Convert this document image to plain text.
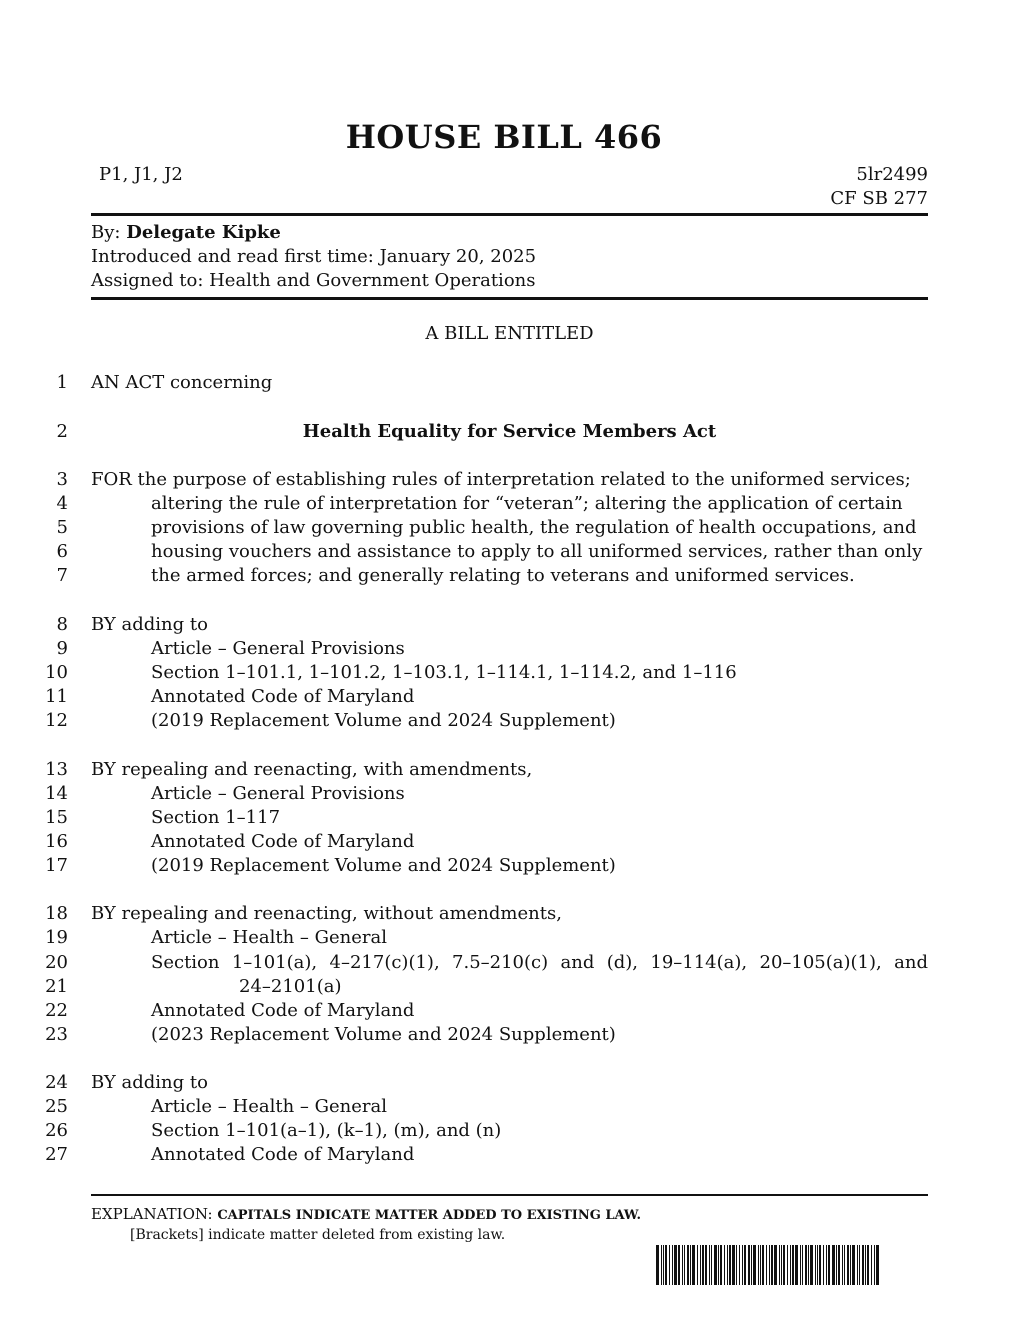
HOUSE BILL 466
P1, J1, J2	5lr2499
CF SB 277
By: Delegate Kipke
Introduced and read first time: January 20, 2025
Assigned to: Health and Government Operations
A BILL ENTITLED
1 AN ACT concerning
2	Health Equality for Service Members Act
3 FOR the purpose of establishing rules of interpretation related to the uniformed services;
4	altering the rule of interpretation for “veteran”; altering the application of certain
5	provisions of law governing public health, the regulation of health occupations, and
6	housing vouchers and assistance to apply to all uniformed services, rather than only
7	the armed forces; and generally relating to veterans and uniformed services.
8 BY adding to
9	Article – General Provisions
10	Section 1–101.1, 1–101.2, 1–103.1, 1–114.1, 1–114.2, and 1–116
11	Annotated Code of Maryland
12	(2019 Replacement Volume and 2024 Supplement)
13 BY repealing and reenacting, with amendments,
14	Article – General Provisions
15	Section 1–117
16	Annotated Code of Maryland
17	(2019 Replacement Volume and 2024 Supplement)
18 BY repealing and reenacting, without amendments,
19	Article – Health – General
20	Section 1–101(a), 4–217(c)(1), 7.5–210(c) and (d), 19–114(a), 20–105(a)(1), and
21	24–2101(a)
22	Annotated Code of Maryland
23	(2023 Replacement Volume and 2024 Supplement)
24 BY adding to
25	Article – Health – General
26	Section 1–101(a–1), (k–1), (m), and (n)
27	Annotated Code of Maryland
EXPLANATION: CAPITALS INDICATE MATTER ADDED TO EXISTING LAW.
[Brackets] indicate matter deleted from existing law.
